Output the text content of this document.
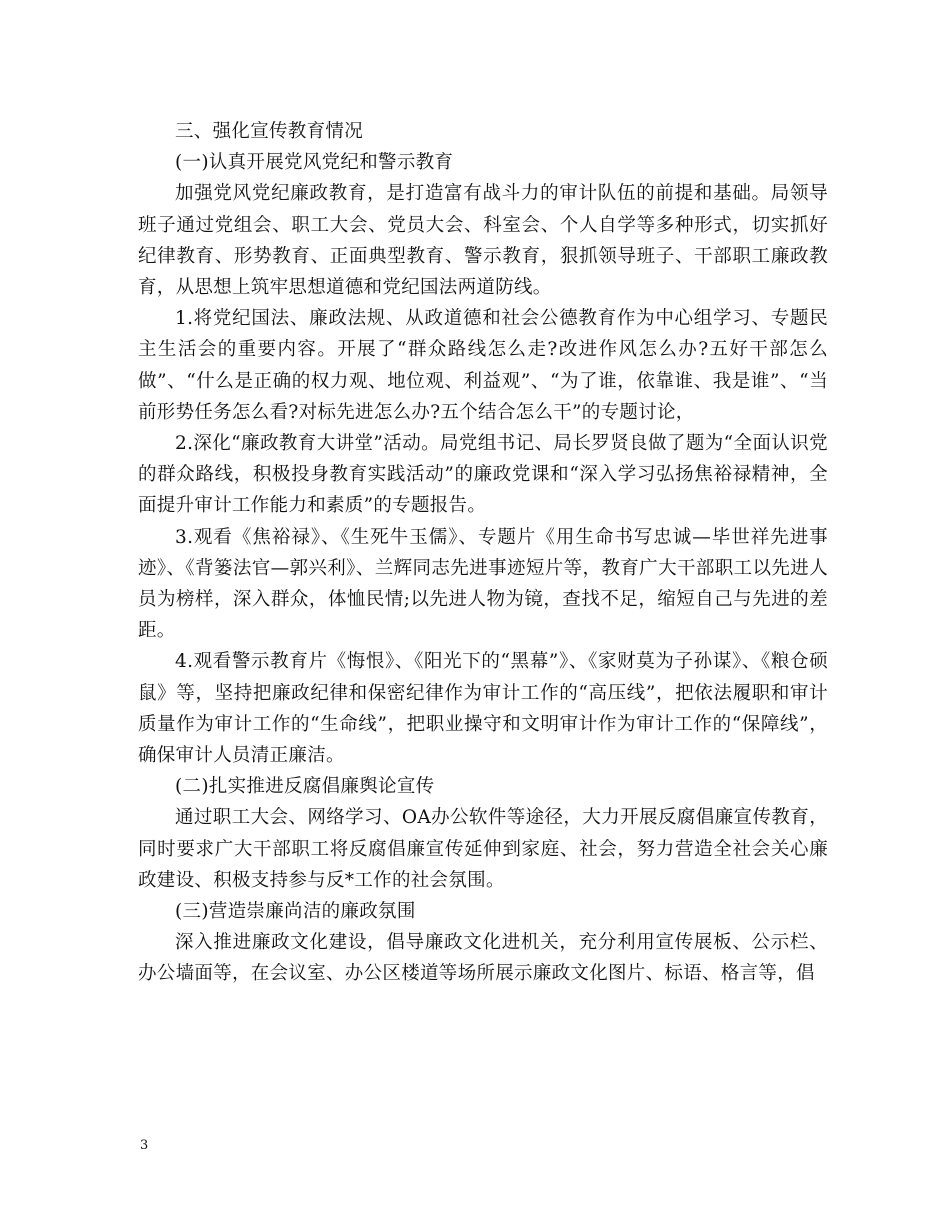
三、强化宣传教育情况

(一)认真开展党风党纪和警示教育

加强党风党纪廉政教育，是打造富有战斗力的审计队伍的前提和基础。局领导班子通过党组会、职工大会、党员大会、科室会、个人自学等多种形式，切实抓好纪律教育、形势教育、正面典型教育、警示教育，狠抓领导班子、干部职工廉政教育，从思想上筑牢思想道德和党纪国法两道防线。

1.将党纪国法、廉政法规、从政道德和社会公德教育作为中心组学习、专题民主生活会的重要内容。开展了“群众路线怎么走?改进作风怎么办?五好干部怎么做”、“什么是正确的权力观、地位观、利益观”、“为了谁，依靠谁、我是谁”、“当前形势任务怎么看?对标先进怎么办?五个结合怎么干”的专题讨论，

2.深化“廉政教育大讲堂”活动。局党组书记、局长罗贤良做了题为“全面认识党的群众路线，积极投身教育实践活动”的廉政党课和“深入学习弘扬焦裕禄精神，全面提升审计工作能力和素质”的专题报告。

3.观看《焦裕禄》、《生死牛玉儒》、专题片《用生命书写忠诚—毕世祥先进事迹》、《背篓法官—郭兴利》、兰辉同志先进事迹短片等，教育广大干部职工以先进人员为榜样，深入群众，体恤民情;以先进人物为镜，查找不足，缩短自己与先进的差距。

4.观看警示教育片《悔恨》、《阳光下的“黑幕”》、《家财莫为子孙谋》、《粮仓硕鼠》等，坚持把廉政纪律和保密纪律作为审计工作的“高压线”，把依法履职和审计质量作为审计工作的“生命线”，把职业操守和文明审计作为审计工作的“保障线”，确保审计人员清正廉洁。

(二)扎实推进反腐倡廉舆论宣传

通过职工大会、网络学习、OA办公软件等途径，大力开展反腐倡廉宣传教育，同时要求广大干部职工将反腐倡廉宣传延伸到家庭、社会，努力营造全社会关心廉政建设、积极支持参与反*工作的社会氛围。

(三)营造崇廉尚洁的廉政氛围

深入推进廉政文化建设，倡导廉政文化进机关，充分利用宣传展板、公示栏、办公墙面等，在会议室、办公区楼道等场所展示廉政文化图片、标语、格言等，倡

3
